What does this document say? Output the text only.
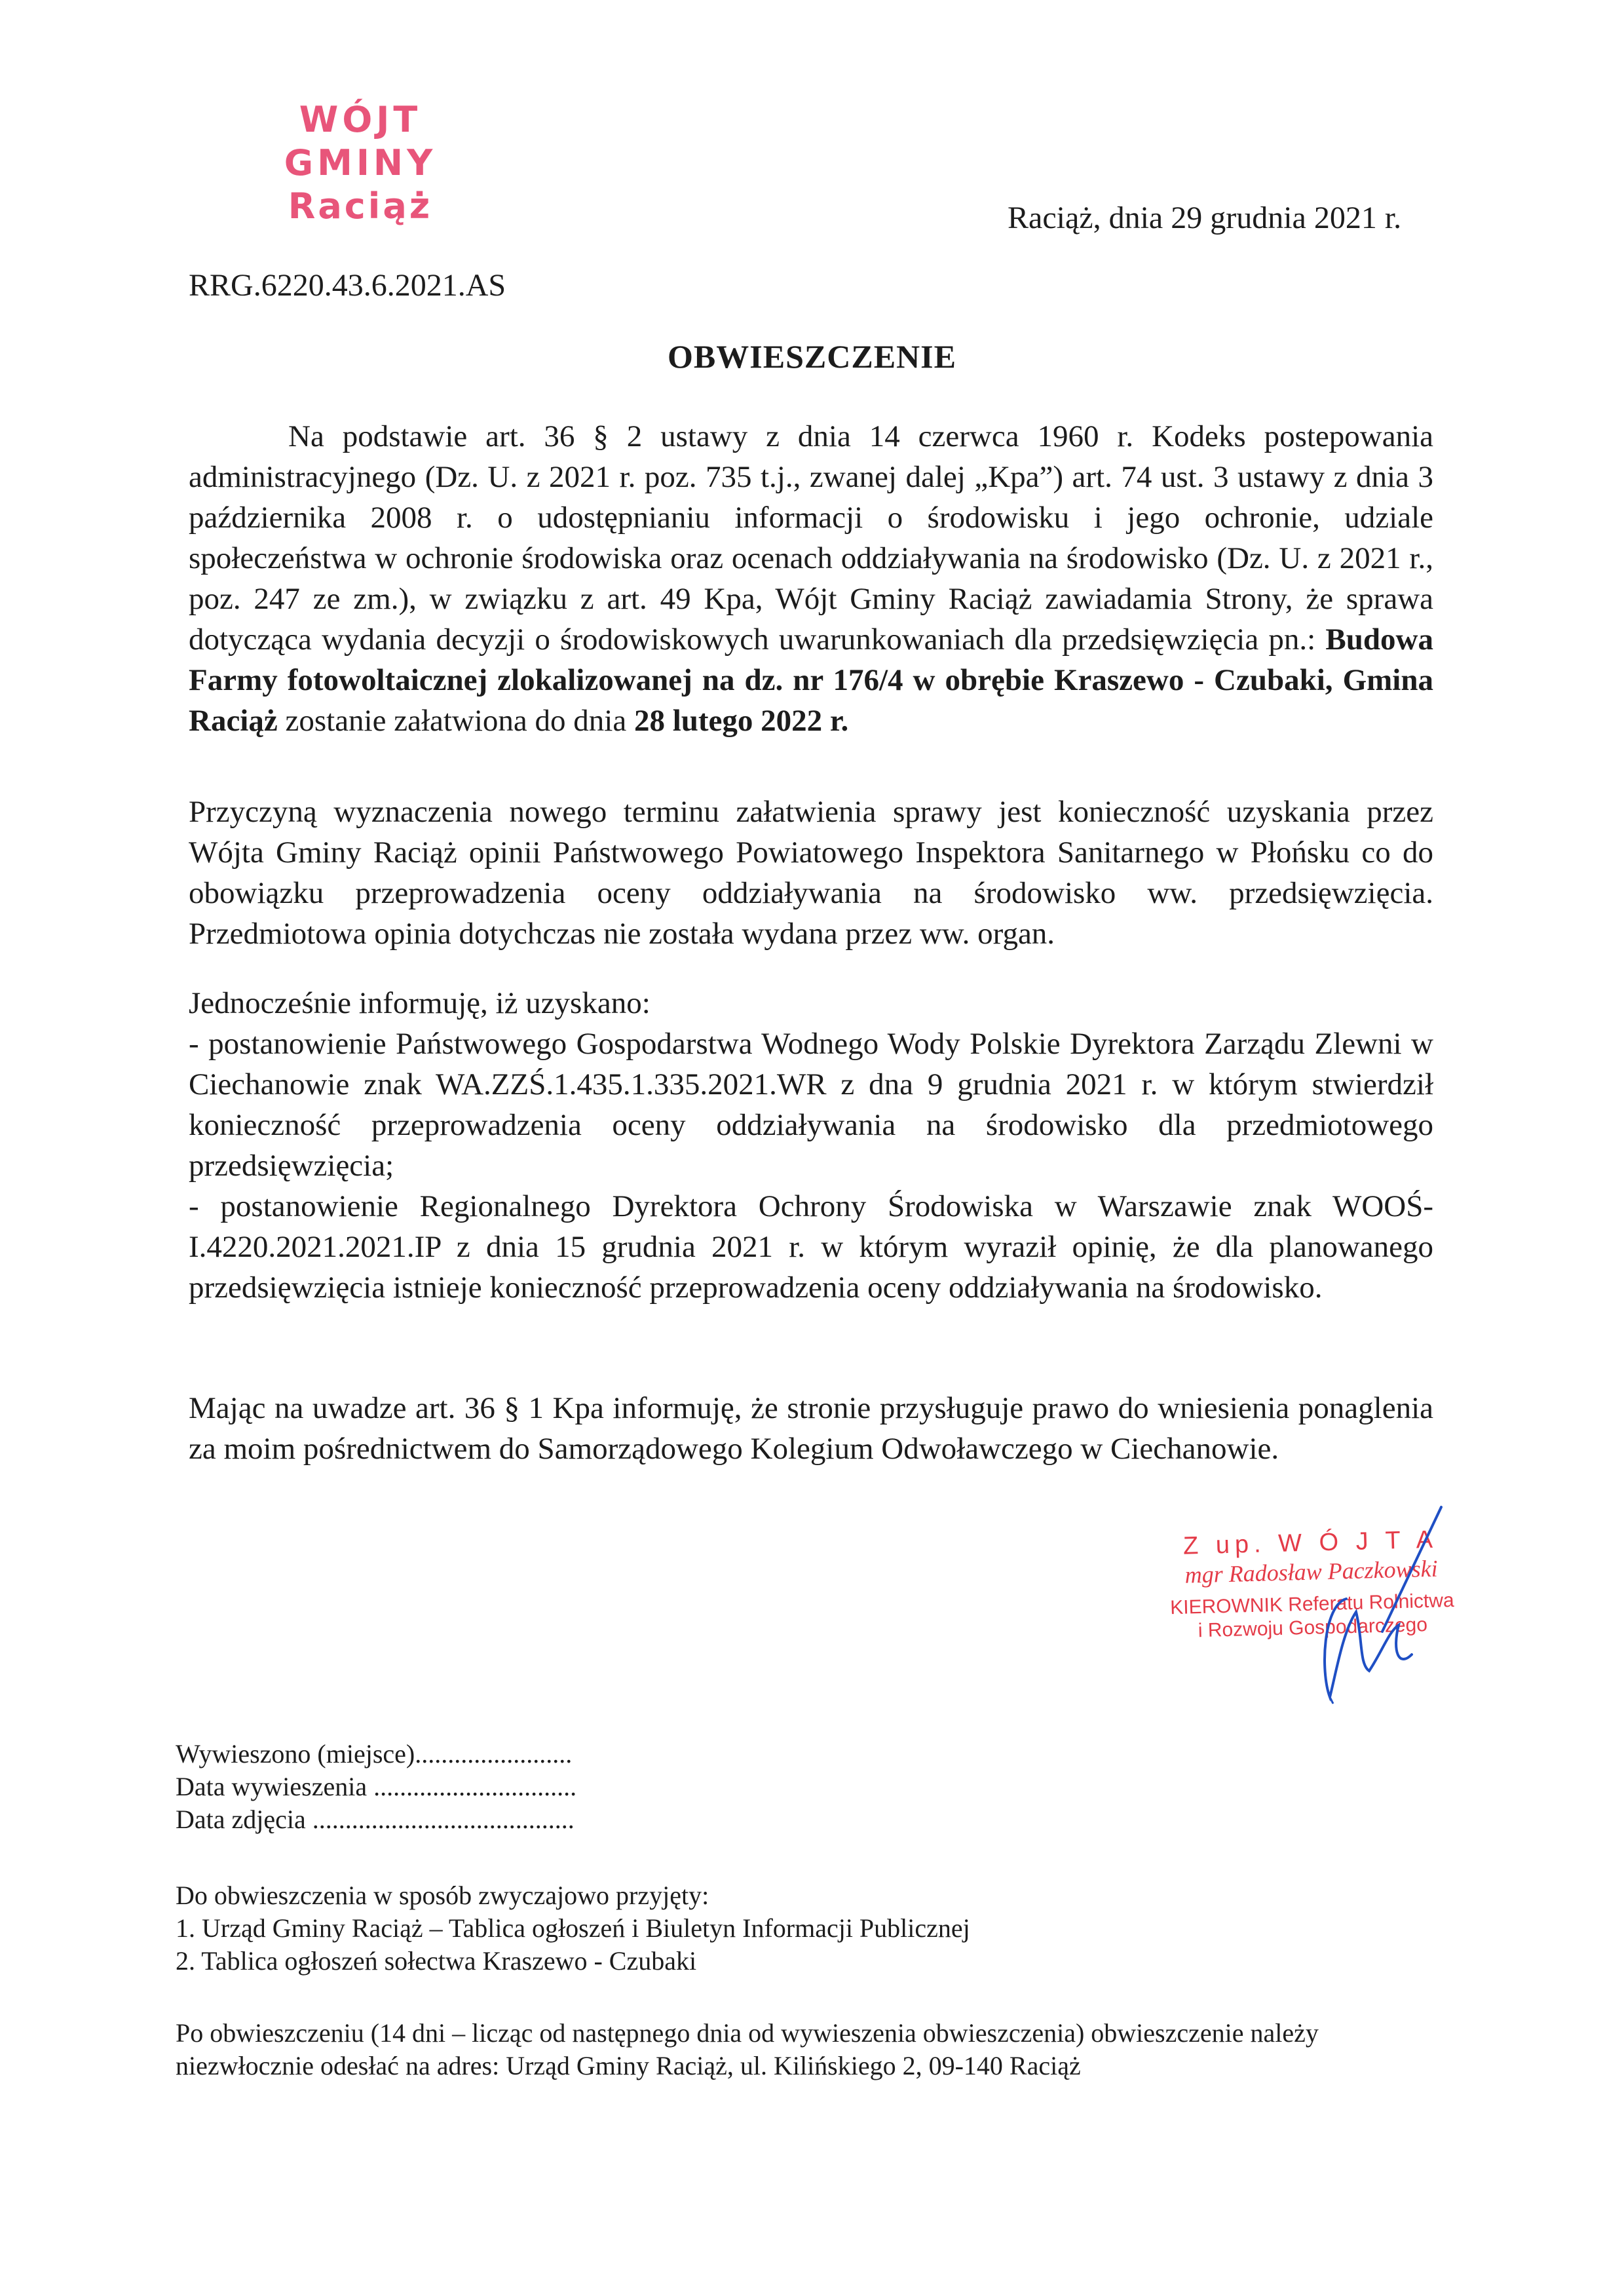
WÓJT GMINY
Raciąż	Raciąż, dnia 29 grudnia 2021 r.
RRG.6220.43.6.2021.AS
OBWIESZCZENIE

Na podstawie art. 36 § 2 ustawy z dnia 14 czerwca 1960 r. Kodeks postepowania administracyjnego (Dz. U. z 2021 r. poz. 735 t.j., zwanej dalej „Kpa”) art. 74 ust. 3 ustawy z dnia 3 października 2008 r. o udostępnianiu informacji o środowisku i jego ochronie, udziale społeczeństwa w ochronie środowiska oraz ocenach oddziaływania na środowisko (Dz. U. z 2021 r., poz. 247 ze zm.), w związku z art. 49 Kpa, Wójt Gminy Raciąż zawiadamia Strony, że sprawa dotycząca wydania decyzji o środowiskowych uwarunkowaniach dla przedsięwzięcia pn.: Budowa Farmy fotowoltaicznej zlokalizowanej na dz. nr 176/4 w obrębie Kraszewo - Czubaki, Gmina Raciąż zostanie załatwiona do dnia 28 lutego 2022 r.

Przyczyną wyznaczenia nowego terminu załatwienia sprawy jest konieczność uzyskania przez Wójta Gminy Raciąż opinii Państwowego Powiatowego Inspektora Sanitarnego w Płońsku co do obowiązku przeprowadzenia oceny oddziaływania na środowisko ww. przedsięwzięcia. Przedmiotowa opinia dotychczas nie została wydana przez ww. organ.

Jednocześnie informuję, iż uzyskano:

- postanowienie Państwowego Gospodarstwa Wodnego Wody Polskie Dyrektora Zarządu Zlewni w Ciechanowie znak WA.ZZŚ.1.435.1.335.2021.WR z dna 9 grudnia 2021 r. w którym stwierdził konieczność przeprowadzenia oceny oddziaływania na środowisko dla przedmiotowego przedsięwzięcia;

- postanowienie Regionalnego Dyrektora Ochrony Środowiska w Warszawie znak WOOŚ-I.4220.2021.2021.IP z dnia 15 grudnia 2021 r. w którym wyraził opinię, że dla planowanego przedsięwzięcia istnieje konieczność przeprowadzenia oceny oddziaływania na środowisko.

Mając na uwadze art. 36 § 1 Kpa informuję, że stronie przysługuje prawo do wniesienia ponaglenia za moim pośrednictwem do Samorządowego Kolegium Odwoławczego w Ciechanowie.

Z up. W Ó J T A
mgr Radosław Paczkowski
KIEROWNIK Referatu Rolnictwa
i Rozwoju Gospodarczego

Wywieszono (miejsce)........................

Data wywieszenia ...............................

Data zdjęcia ........................................

Do obwieszczenia w sposób zwyczajowo przyjęty:

1. Urząd Gminy Raciąż – Tablica ogłoszeń i Biuletyn Informacji Publicznej

2. Tablica ogłoszeń sołectwa Kraszewo - Czubaki

Po obwieszczeniu (14 dni – licząc od następnego dnia od wywieszenia obwieszczenia) obwieszczenie należy niezwłocznie odesłać na adres: Urząd Gminy Raciąż, ul. Kilińskiego 2, 09-140 Raciąż
